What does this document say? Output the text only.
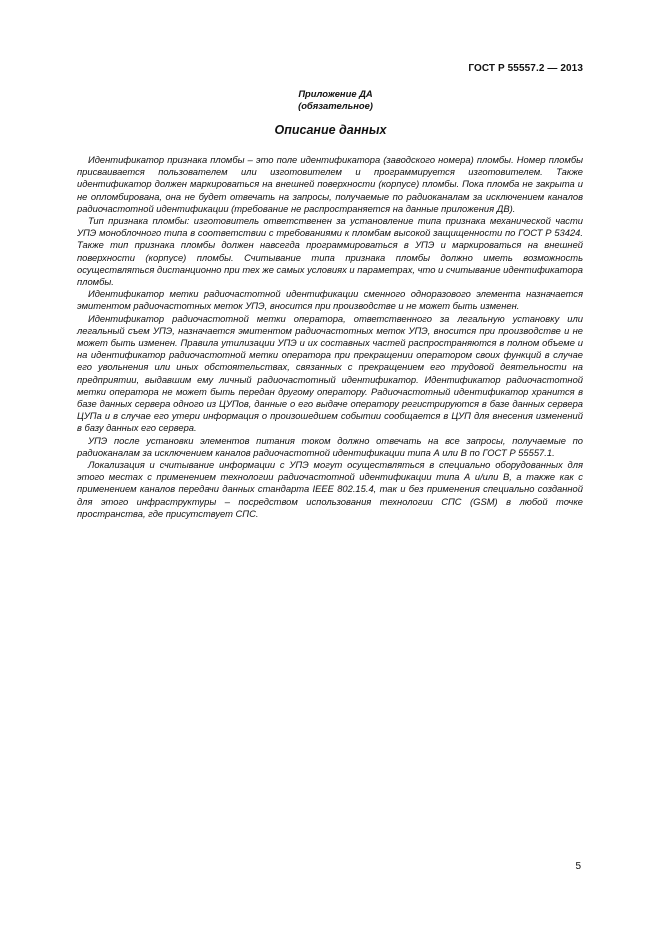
ГОСТ Р 55557.2 — 2013
Приложение ДА
(обязательное)
Описание данных

Идентификатор признака пломбы – это поле идентификатора (заводского номера) пломбы. Номер пломбы присваивается пользователем или изготовителем и программируется изготовителем. Также идентификатор должен маркироваться на внешней поверхности (корпусе) пломбы. Пока пломба не закрыта и не опломбирована, она не будет отвечать на запросы, получаемые по радиоканалам за исключением каналов радиочастотной идентификации (требование не распространяется на данные приложения ДВ).

Тип признака пломбы: изготовитель ответственен за установление типа признака механической части УПЭ моноблочного типа в соответствии с требованиями к пломбам высокой защищенности по ГОСТ Р 53424. Также тип признака пломбы должен навсегда программироваться в УПЭ и маркироваться на внешней поверхности (корпусе) пломбы. Считывание типа признака пломбы должно иметь возможность осуществляться дистанционно при тех же самых условиях и параметрах, что и считывание идентификатора пломбы.

Идентификатор метки радиочастотной идентификации сменного одноразового элемента назначается эмитентом радиочастотных меток УПЭ, вносится при производстве и не может быть изменен.

Идентификатор радиочастотной метки оператора, ответственного за легальную установку или легальный съем УПЭ, назначается эмитентом радиочастотных меток УПЭ, вносится при производстве и не может быть изменен. Правила утилизации УПЭ и их составных частей распространяются в полном объеме и на идентификатор радиочастотной метки оператора при прекращении оператором своих функций в случае его увольнения или иных обстоятельствах, связанных с прекращением его трудовой деятельности на предприятии, выдавшим ему личный радиочастотный идентификатор. Идентификатор радиочастотной метки оператора не может быть передан другому оператору. Радиочастотный идентификатор хранится в базе данных сервера одного из ЦУПов, данные о его выдаче оператору регистрируются в базе данных сервера ЦУПа и в случае его утери информация о произошедшем событии сообщается в ЦУП для внесения изменений в базу данных его сервера.

УПЭ после установки элементов питания током должно отвечать на все запросы, получаемые по радиоканалам за исключением каналов радиочастотной идентификации типа А или В по ГОСТ Р 55557.1.

Локализация и считывание информации с УПЭ могут осуществляться в специально оборудованных для этого местах с применением технологии радиочастотной идентификации типа А и/или В, а также как с применением каналов передачи данных стандарта IEEE 802.15.4, так и без применения специально созданной для этого инфраструктуры – посредством использования технологии СПС (GSM) в любой точке пространства, где присутствует СПС.

5
